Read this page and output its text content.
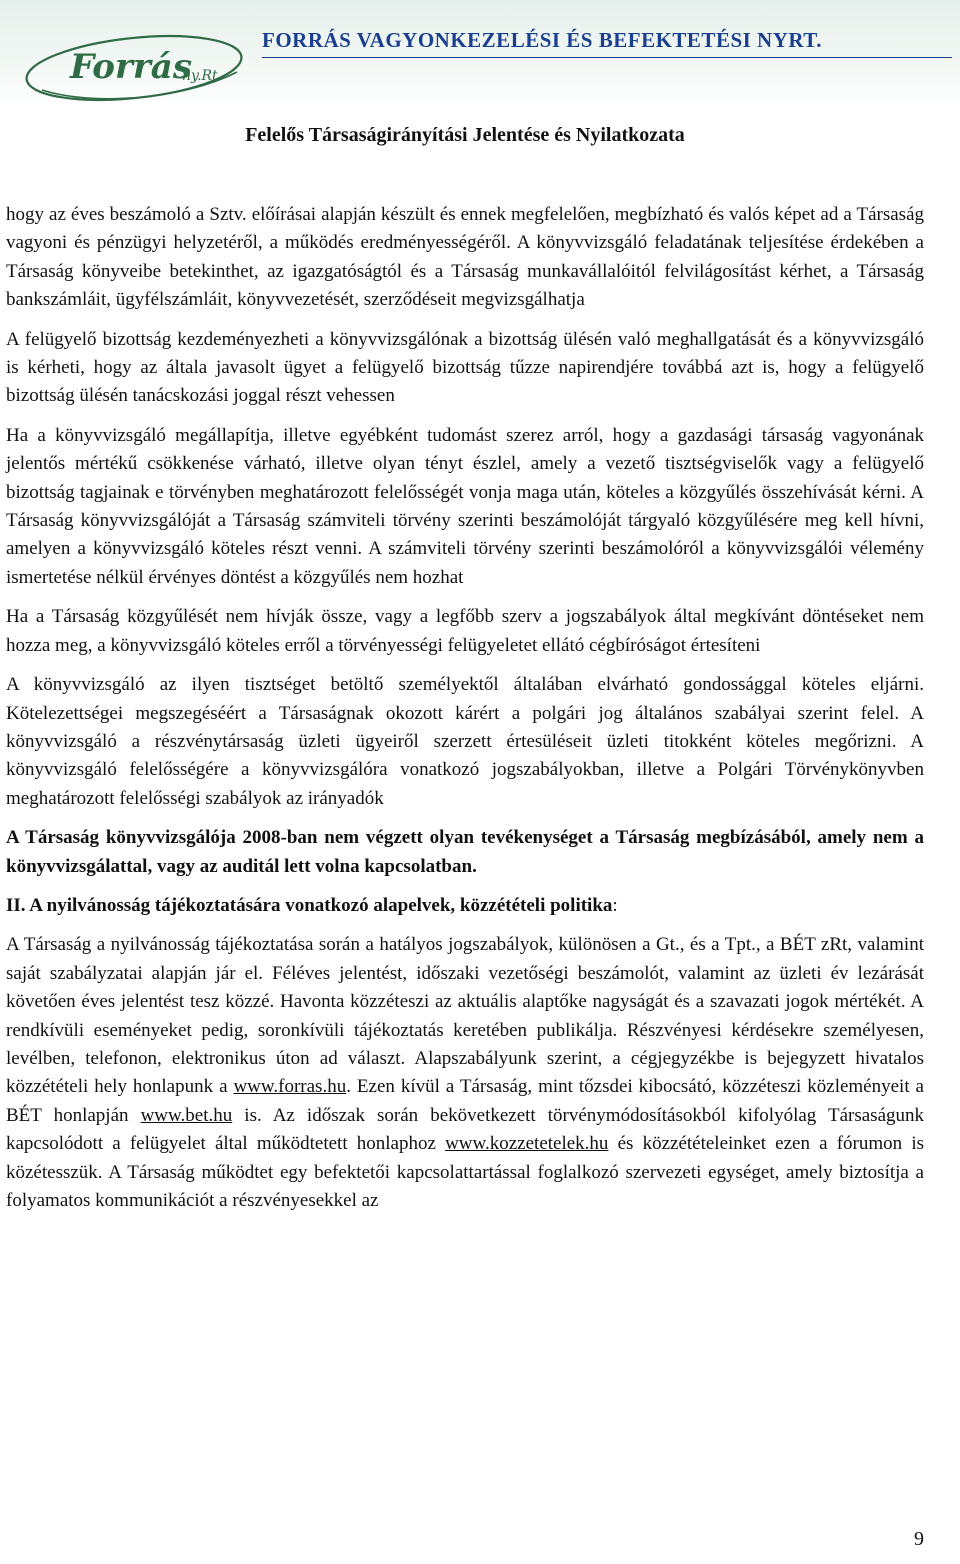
Forrás
ny.Rt.
FORRÁS VAGYONKEZELÉSI ÉS BEFEKTETÉSI NYRT.
Felelős Társaságirányítási Jelentése és Nyilatkozata

hogy az éves beszámoló a Sztv. előírásai alapján készült és ennek megfelelően, megbízható és valós képet ad a Társaság vagyoni és pénzügyi helyzetéről, a működés eredményességéről. A könyvvizsgáló feladatának teljesítése érdekében a Társaság könyveibe betekinthet, az igazgatóságtól és a Társaság munkavállalóitól felvilágosítást kérhet, a Társaság bankszámláit, ügyfélszámláit, könyvvezetését, szerződéseit megvizsgálhatja

A felügyelő bizottság kezdeményezheti a könyvvizsgálónak a bizottság ülésén való meghallgatását és a könyvvizsgáló is kérheti, hogy az általa javasolt ügyet a felügyelő bizottság tűzze napirendjére továbbá azt is, hogy a felügyelő bizottság ülésén tanácskozási joggal részt vehessen

Ha a könyvvizsgáló megállapítja, illetve egyébként tudomást szerez arról, hogy a gazdasági társaság vagyonának jelentős mértékű csökkenése várható, illetve olyan tényt észlel, amely a vezető tisztségviselők vagy a felügyelő bizottság tagjainak e törvényben meghatározott felelősségét vonja maga után, köteles a közgyűlés összehívását kérni. A Társaság könyvvizsgálóját a Társaság számviteli törvény szerinti beszámolóját tárgyaló közgyűlésére meg kell hívni, amelyen a könyvvizsgáló köteles részt venni. A számviteli törvény szerinti beszámolóról a könyvvizsgálói vélemény ismertetése nélkül érvényes döntést a közgyűlés nem hozhat

Ha a Társaság közgyűlését nem hívják össze, vagy a legfőbb szerv a jogszabályok által megkívánt döntéseket nem hozza meg, a könyvvizsgáló köteles erről a törvényességi felügyeletet ellátó cégbíróságot értesíteni

A könyvvizsgáló az ilyen tisztséget betöltő személyektől általában elvárható gondossággal köteles eljárni. Kötelezettségei megszegéséért a Társaságnak okozott kárért a polgári jog általános szabályai szerint felel. A könyvvizsgáló a részvénytársaság üzleti ügyeiről szerzett értesüléseit üzleti titokként köteles megőrizni. A könyvvizsgáló felelősségére a könyvvizsgálóra vonatkozó jogszabályokban, illetve a Polgári Törvénykönyvben meghatározott felelősségi szabályok az irányadók

A Társaság könyvvizsgálója 2008-ban nem végzett olyan tevékenységet a Társaság megbízásából, amely nem a könyvvizsgálattal, vagy az auditál lett volna kapcsolatban.

II. A nyilvánosság tájékoztatására vonatkozó alapelvek, közzétételi politika:

A Társaság a nyilvánosság tájékoztatása során a hatályos jogszabályok, különösen a Gt., és a Tpt., a BÉT zRt, valamint saját szabályzatai alapján jár el. Féléves jelentést, időszaki vezetőségi beszámolót, valamint az üzleti év lezárását követően éves jelentést tesz közzé. Havonta közzéteszi az aktuális alaptőke nagyságát és a szavazati jogok mértékét. A rendkívüli eseményeket pedig, soronkívüli tájékoztatás keretében publikálja. Részvényesi kérdésekre személyesen, levélben, telefonon, elektronikus úton ad választ. Alapszabályunk szerint, a cégjegyzékbe is bejegyzett hivatalos közzétételi hely honlapunk a www.forras.hu. Ezen kívül a Társaság, mint tőzsdei kibocsátó, közzéteszi közleményeit a BÉT honlapján www.bet.hu is. Az időszak során bekövetkezett törvénymódosításokból kifolyólag Társaságunk kapcsolódott a felügyelet által működtetett honlaphoz www.kozzetetelek.hu és közzétételeinket ezen a fórumon is közétesszük. A Társaság működtet egy befektetői kapcsolattartással foglalkozó szervezeti egységet, amely biztosítja a folyamatos kommunikációt a részvényesekkel az

9
